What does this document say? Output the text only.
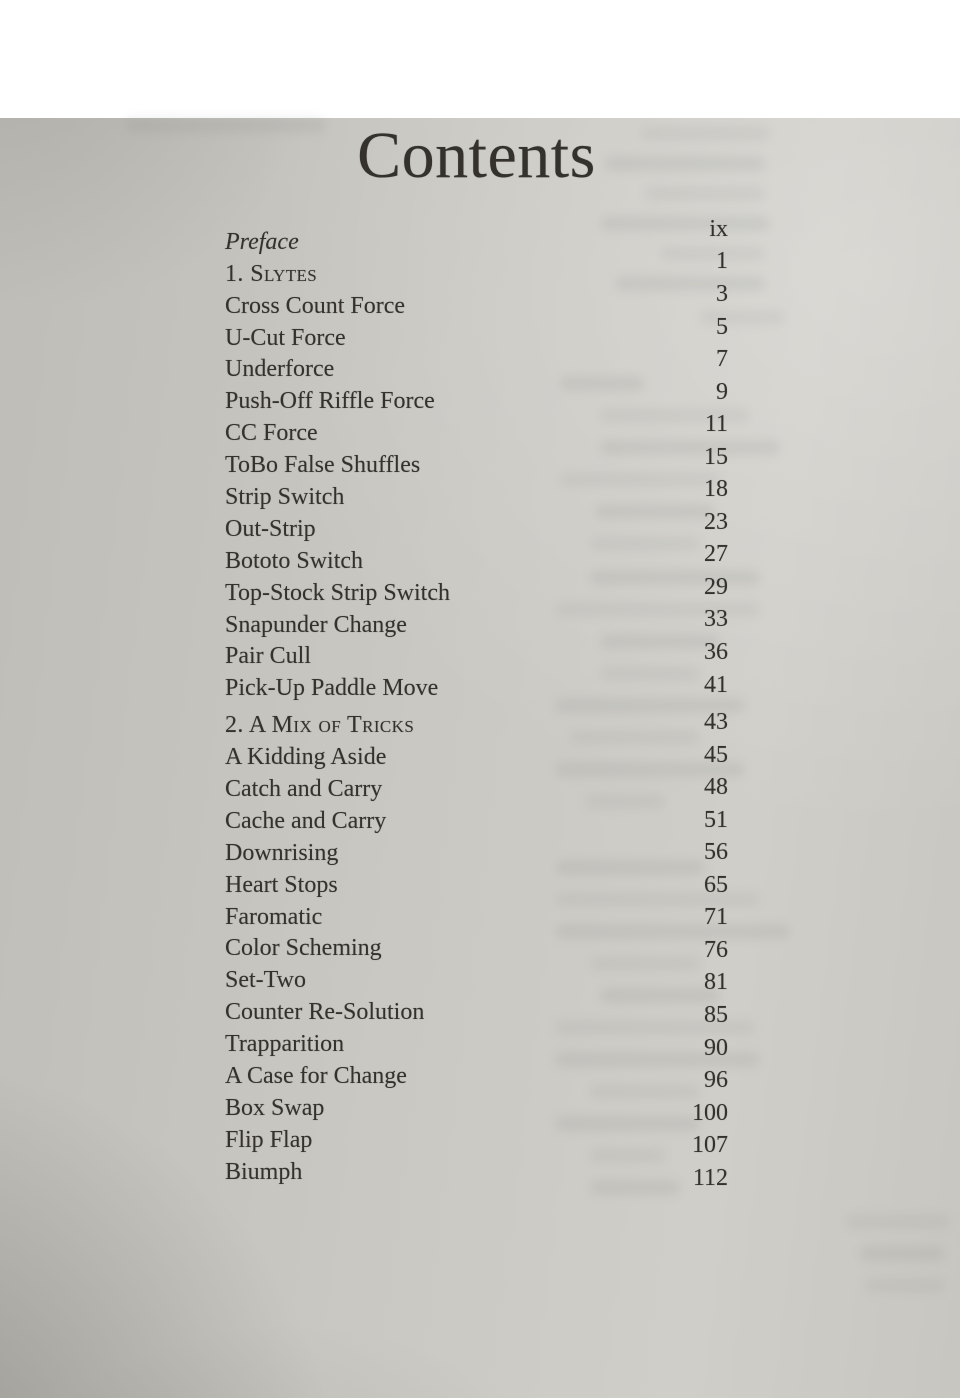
Contents
Preface
1. Slytes
Cross Count Force
U-Cut Force
Underforce
Push-Off Riffle Force
CC Force
ToBo False Shuffles
Strip Switch
Out-Strip
Bototo Switch
Top-Stock Strip Switch
Snapunder Change
Pair Cull
Pick-Up Paddle Move
2. A Mix of Tricks
A Kidding Aside
Catch and Carry
Cache and Carry
Downrising
Heart Stops
Faromatic
Color Scheming
Set-Two
Counter Re-Solution
Trapparition
A Case for Change
Box Swap
Flip Flap
Biumph
ix
1
3
5
7
9
11
15
18
23
27
29
33
36
41
43
45
48
51
56
65
71
76
81
85
90
96
100
107
112
